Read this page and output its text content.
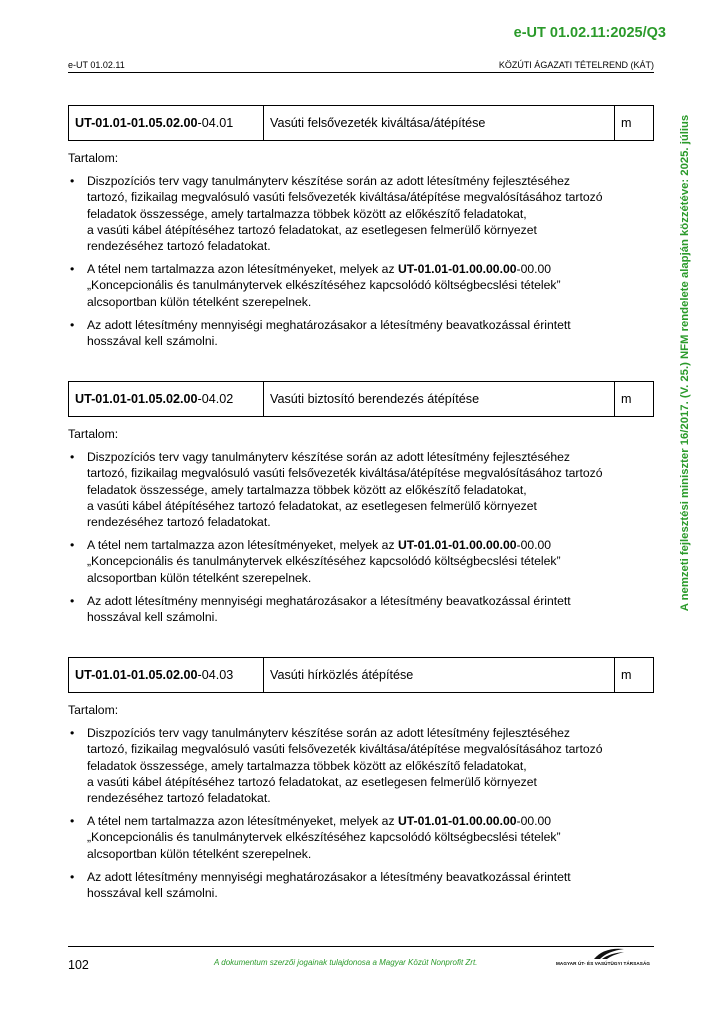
e-UT 01.02.11:2025/Q3
e-UT 01.02.11	KÖZÚTI ÁGAZATI TÉTELREND (KÁT)
A nemzeti fejlesztési miniszter 16/2017. (V. 25.) NFM rendelete alapján közzétéve: 2025. július
UT-01.01-01.05.02.00 -04.01	Vasúti felsővezeték kiváltása/átépítése	m
Tartalom:
• Diszpozíciós terv vagy tanulmányterv készítése során az adott létesítmény fejlesztéséhez
tartozó, fizikailag megvalósuló vasúti felsővezeték kiváltása/átépítése megvalósításához tartozó
feladatok összessége, amely tartalmazza többek között az előkészítő feladatokat,
a vasúti kábel átépítéséhez tartozó feladatokat, az esetlegesen felmerülő környezet
rendezéséhez tartozó feladatokat.
• A tétel nem tartalmazza azon létesítményeket, melyek az UT-01.01-01.00.00.00-00.00
„Koncepcionális és tanulmánytervek elkészítéséhez kapcsolódó költségbecslési tételek”
alcsoportban külön tételként szerepelnek.
• Az adott létesítmény mennyiségi meghatározásakor a létesítmény beavatkozással érintett
hosszával kell számolni.
UT-01.01-01.05.02.00 -04.02	Vasúti biztosító berendezés átépítése	m
Tartalom:
• Diszpozíciós terv vagy tanulmányterv készítése során az adott létesítmény fejlesztéséhez
tartozó, fizikailag megvalósuló vasúti felsővezeték kiváltása/átépítése megvalósításához tartozó
feladatok összessége, amely tartalmazza többek között az előkészítő feladatokat,
a vasúti kábel átépítéséhez tartozó feladatokat, az esetlegesen felmerülő környezet
rendezéséhez tartozó feladatokat.
• A tétel nem tartalmazza azon létesítményeket, melyek az UT-01.01-01.00.00.00-00.00
„Koncepcionális és tanulmánytervek elkészítéséhez kapcsolódó költségbecslési tételek”
alcsoportban külön tételként szerepelnek.
• Az adott létesítmény mennyiségi meghatározásakor a létesítmény beavatkozással érintett
hosszával kell számolni.
UT-01.01-01.05.02.00 -04.03	Vasúti hírközlés átépítése	m
Tartalom:
• Diszpozíciós terv vagy tanulmányterv készítése során az adott létesítmény fejlesztéséhez
tartozó, fizikailag megvalósuló vasúti felsővezeték kiváltása/átépítése megvalósításához tartozó
feladatok összessége, amely tartalmazza többek között az előkészítő feladatokat,
a vasúti kábel átépítéséhez tartozó feladatokat, az esetlegesen felmerülő környezet
rendezéséhez tartozó feladatokat.
• A tétel nem tartalmazza azon létesítményeket, melyek az UT-01.01-01.00.00.00-00.00
„Koncepcionális és tanulmánytervek elkészítéséhez kapcsolódó költségbecslési tételek”
alcsoportban külön tételként szerepelnek.
• Az adott létesítmény mennyiségi meghatározásakor a létesítmény beavatkozással érintett
hosszával kell számolni.
102	A dokumentum szerzői jogainak tulajdonosa a Magyar Közút Nonprofit Zrt.	MAGYAR ÚT- ÉS VASÚTÜGYI TÁRSASÁG
